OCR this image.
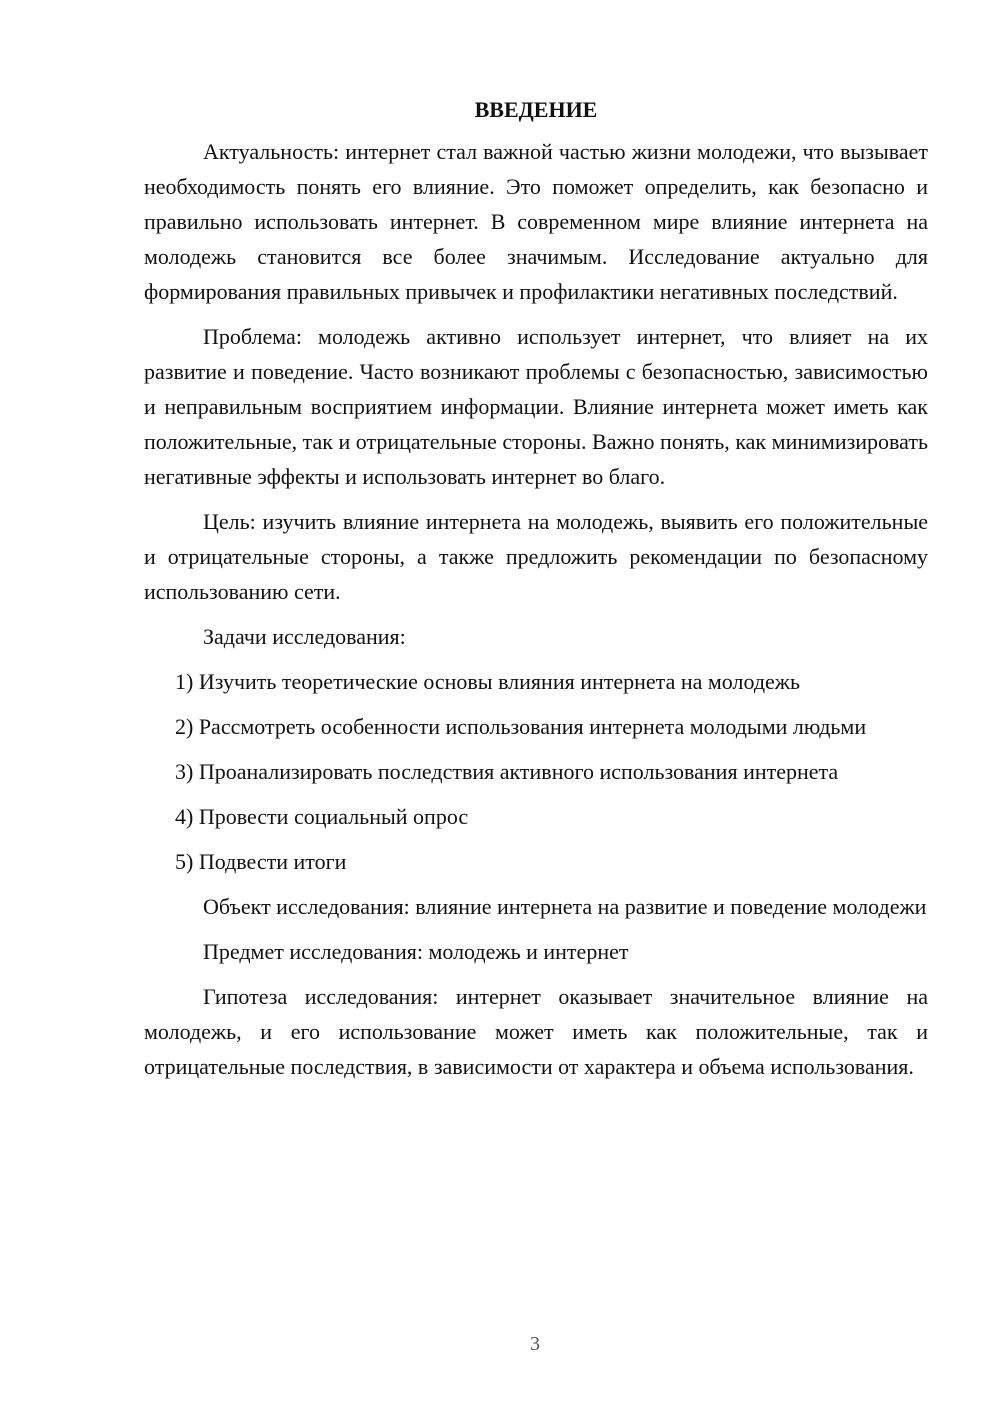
ВВЕДЕНИЕ

Актуальность: интернет стал важной частью жизни молодежи, что вызывает необходимость понять его влияние. Это поможет определить, как безопасно и правильно использовать интернет. В современном мире влияние интернета на молодежь становится все более значимым. Исследование актуально для формирования правильных привычек и профилактики негативных последствий.

Проблема: молодежь активно использует интернет, что влияет на их развитие и поведение. Часто возникают проблемы с безопасностью, зависимостью и неправильным восприятием информации. Влияние интернета может иметь как положительные, так и отрицательные стороны. Важно понять, как минимизировать негативные эффекты и использовать интернет во благо.

Цель: изучить влияние интернета на молодежь, выявить его положительные и отрицательные стороны, а также предложить рекомендации по безопасному использованию сети.

Задачи исследования:

1) Изучить теоретические основы влияния интернета на молодежь

2) Рассмотреть особенности использования интернета молодыми людьми

3) Проанализировать последствия активного использования интернета

4) Провести социальный опрос

5) Подвести итоги

Объект исследования: влияние интернета на развитие и поведение молодежи

Предмет исследования: молодежь и интернет

Гипотеза исследования: интернет оказывает значительное влияние на молодежь, и его использование может иметь как положительные, так и отрицательные последствия, в зависимости от характера и объема использования.

3
